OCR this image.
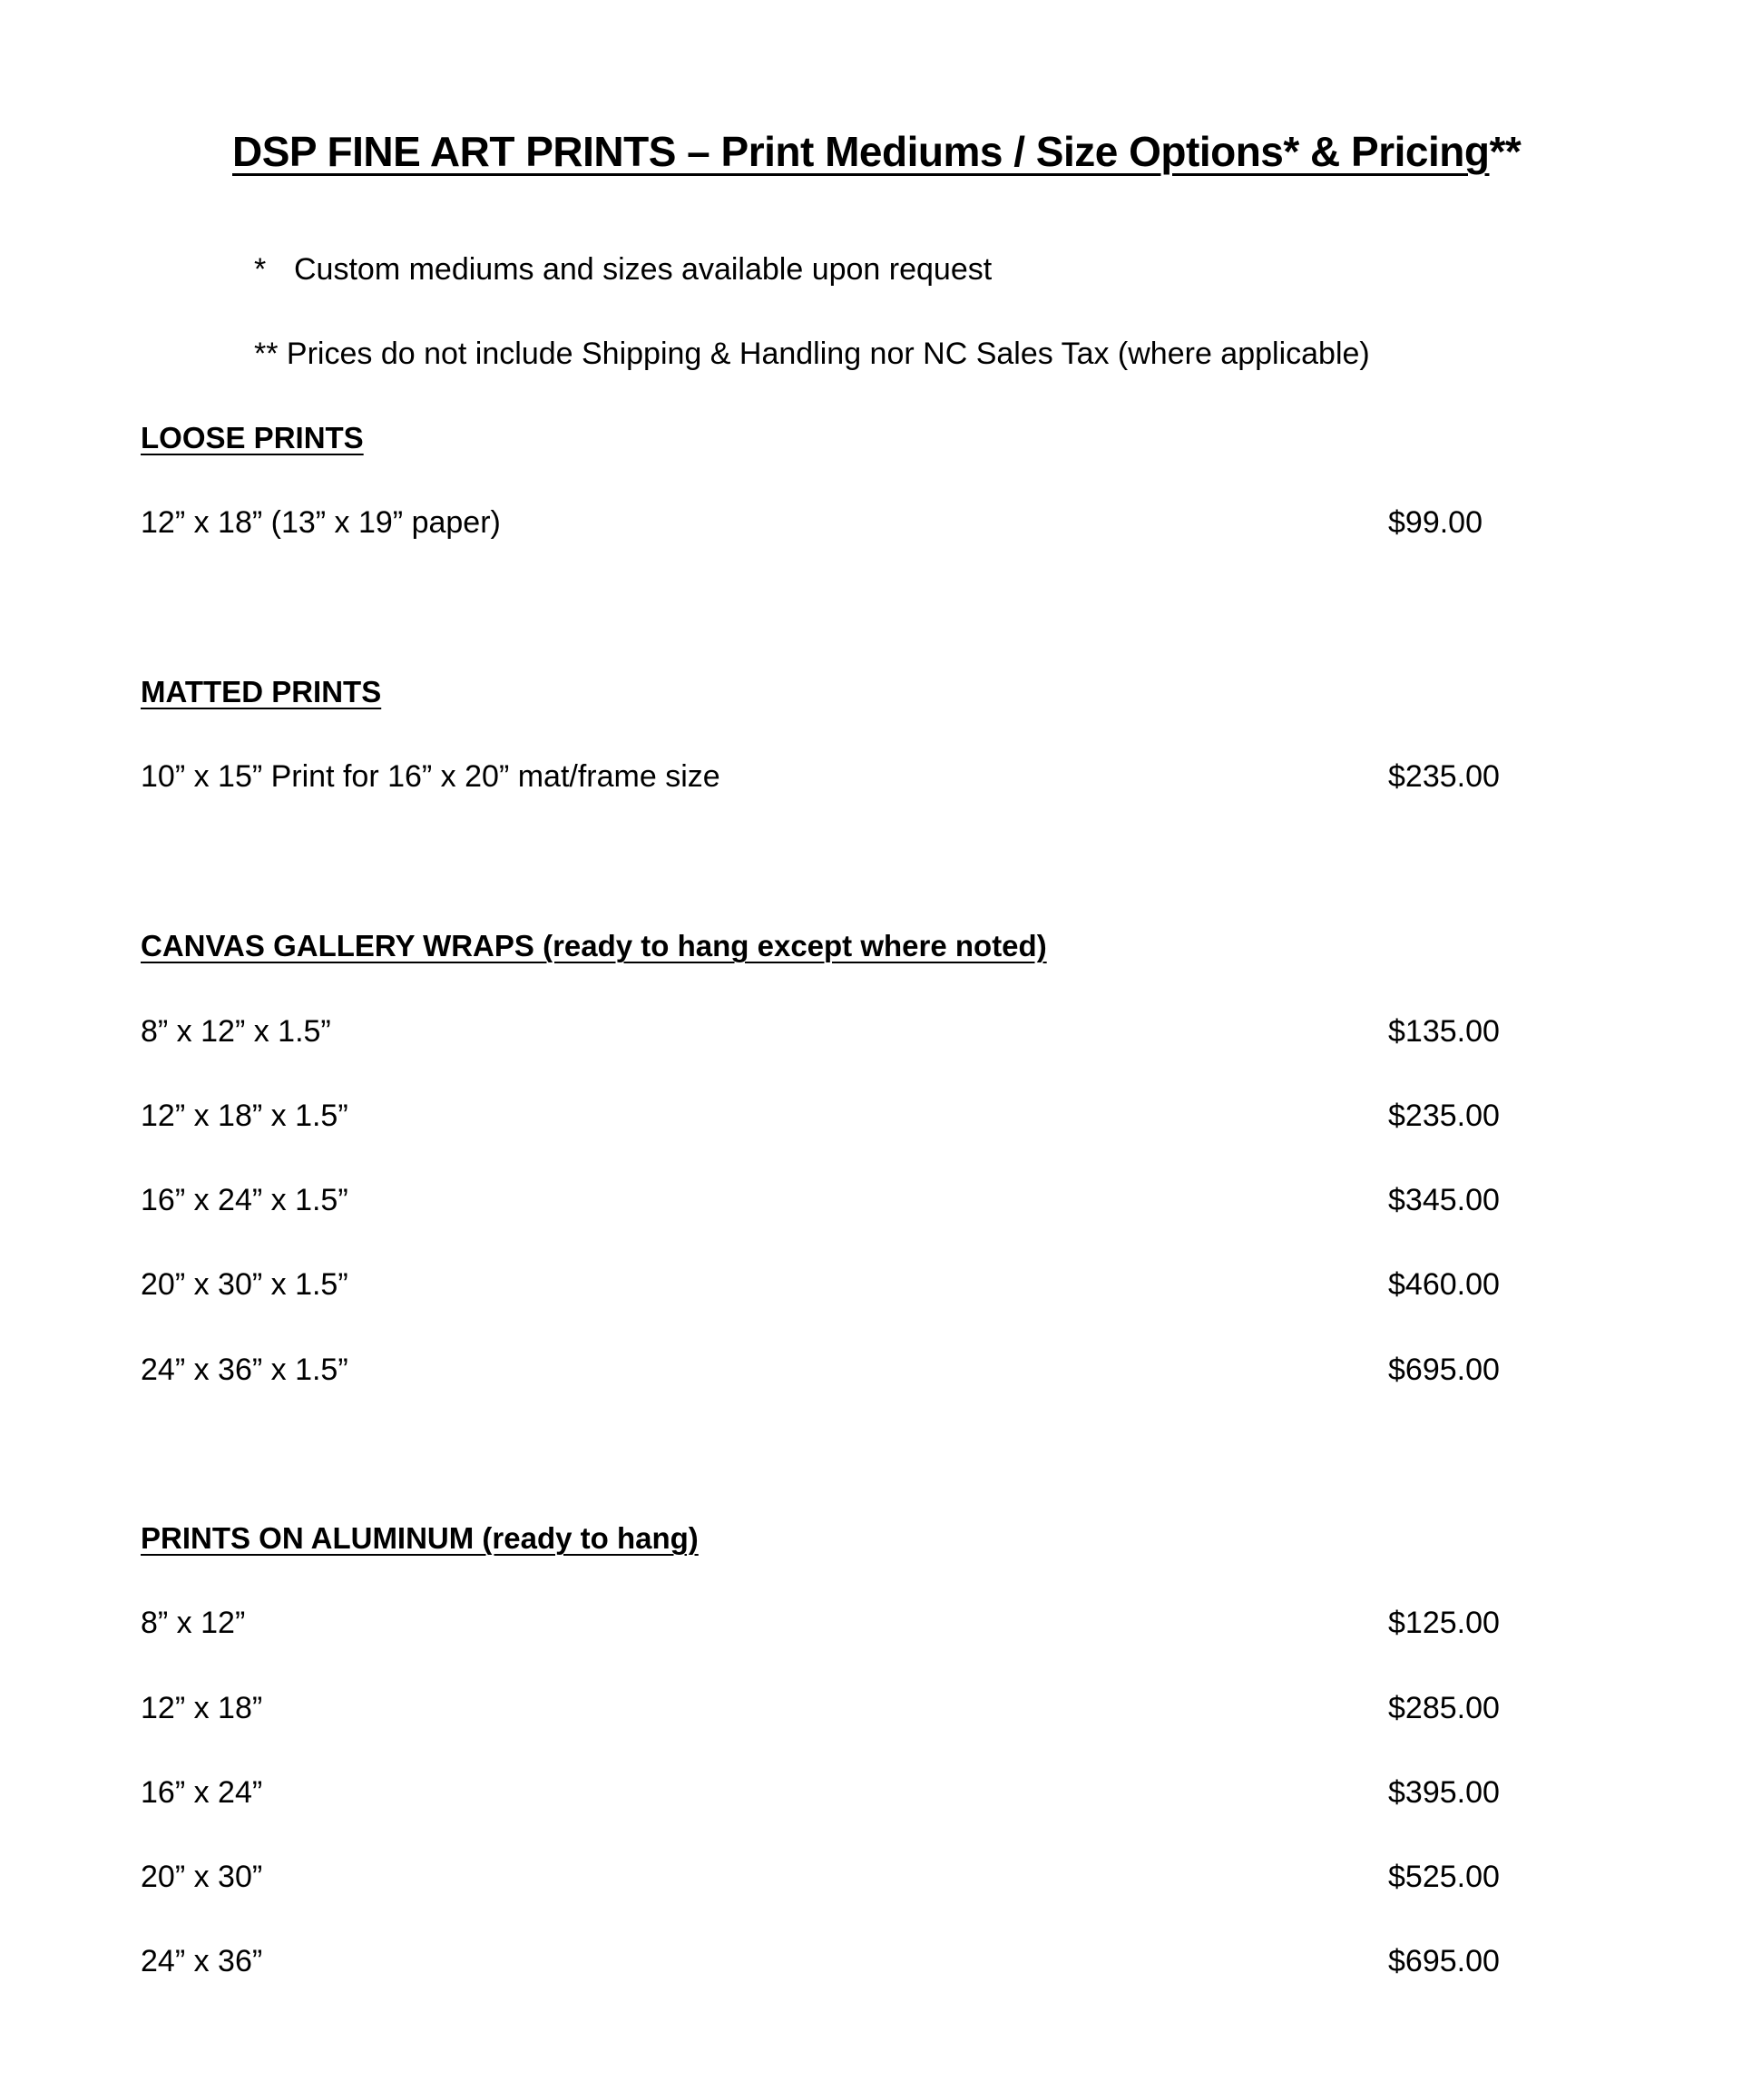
DSP FINE ART PRINTS – Print Mediums / Size Options* & Pricing**
* Custom mediums and sizes available upon request
** Prices do not include Shipping & Handling nor NC Sales Tax (where applicable)
LOOSE PRINTS
12” x 18” (13” x 19” paper)	$99.00
MATTED PRINTS
10” x 15” Print for 16” x 20” mat/frame size	$235.00
CANVAS GALLERY WRAPS (ready to hang except where noted)
8” x 12” x 1.5”	$135.00
12” x 18” x 1.5”	$235.00
16” x 24” x 1.5”	$345.00
20” x 30” x 1.5”	$460.00
24” x 36” x 1.5”	$695.00
PRINTS ON ALUMINUM (ready to hang)
8” x 12”	$125.00
12” x 18”	$285.00
16” x 24”	$395.00
20” x 30”	$525.00
24” x 36”	$695.00
